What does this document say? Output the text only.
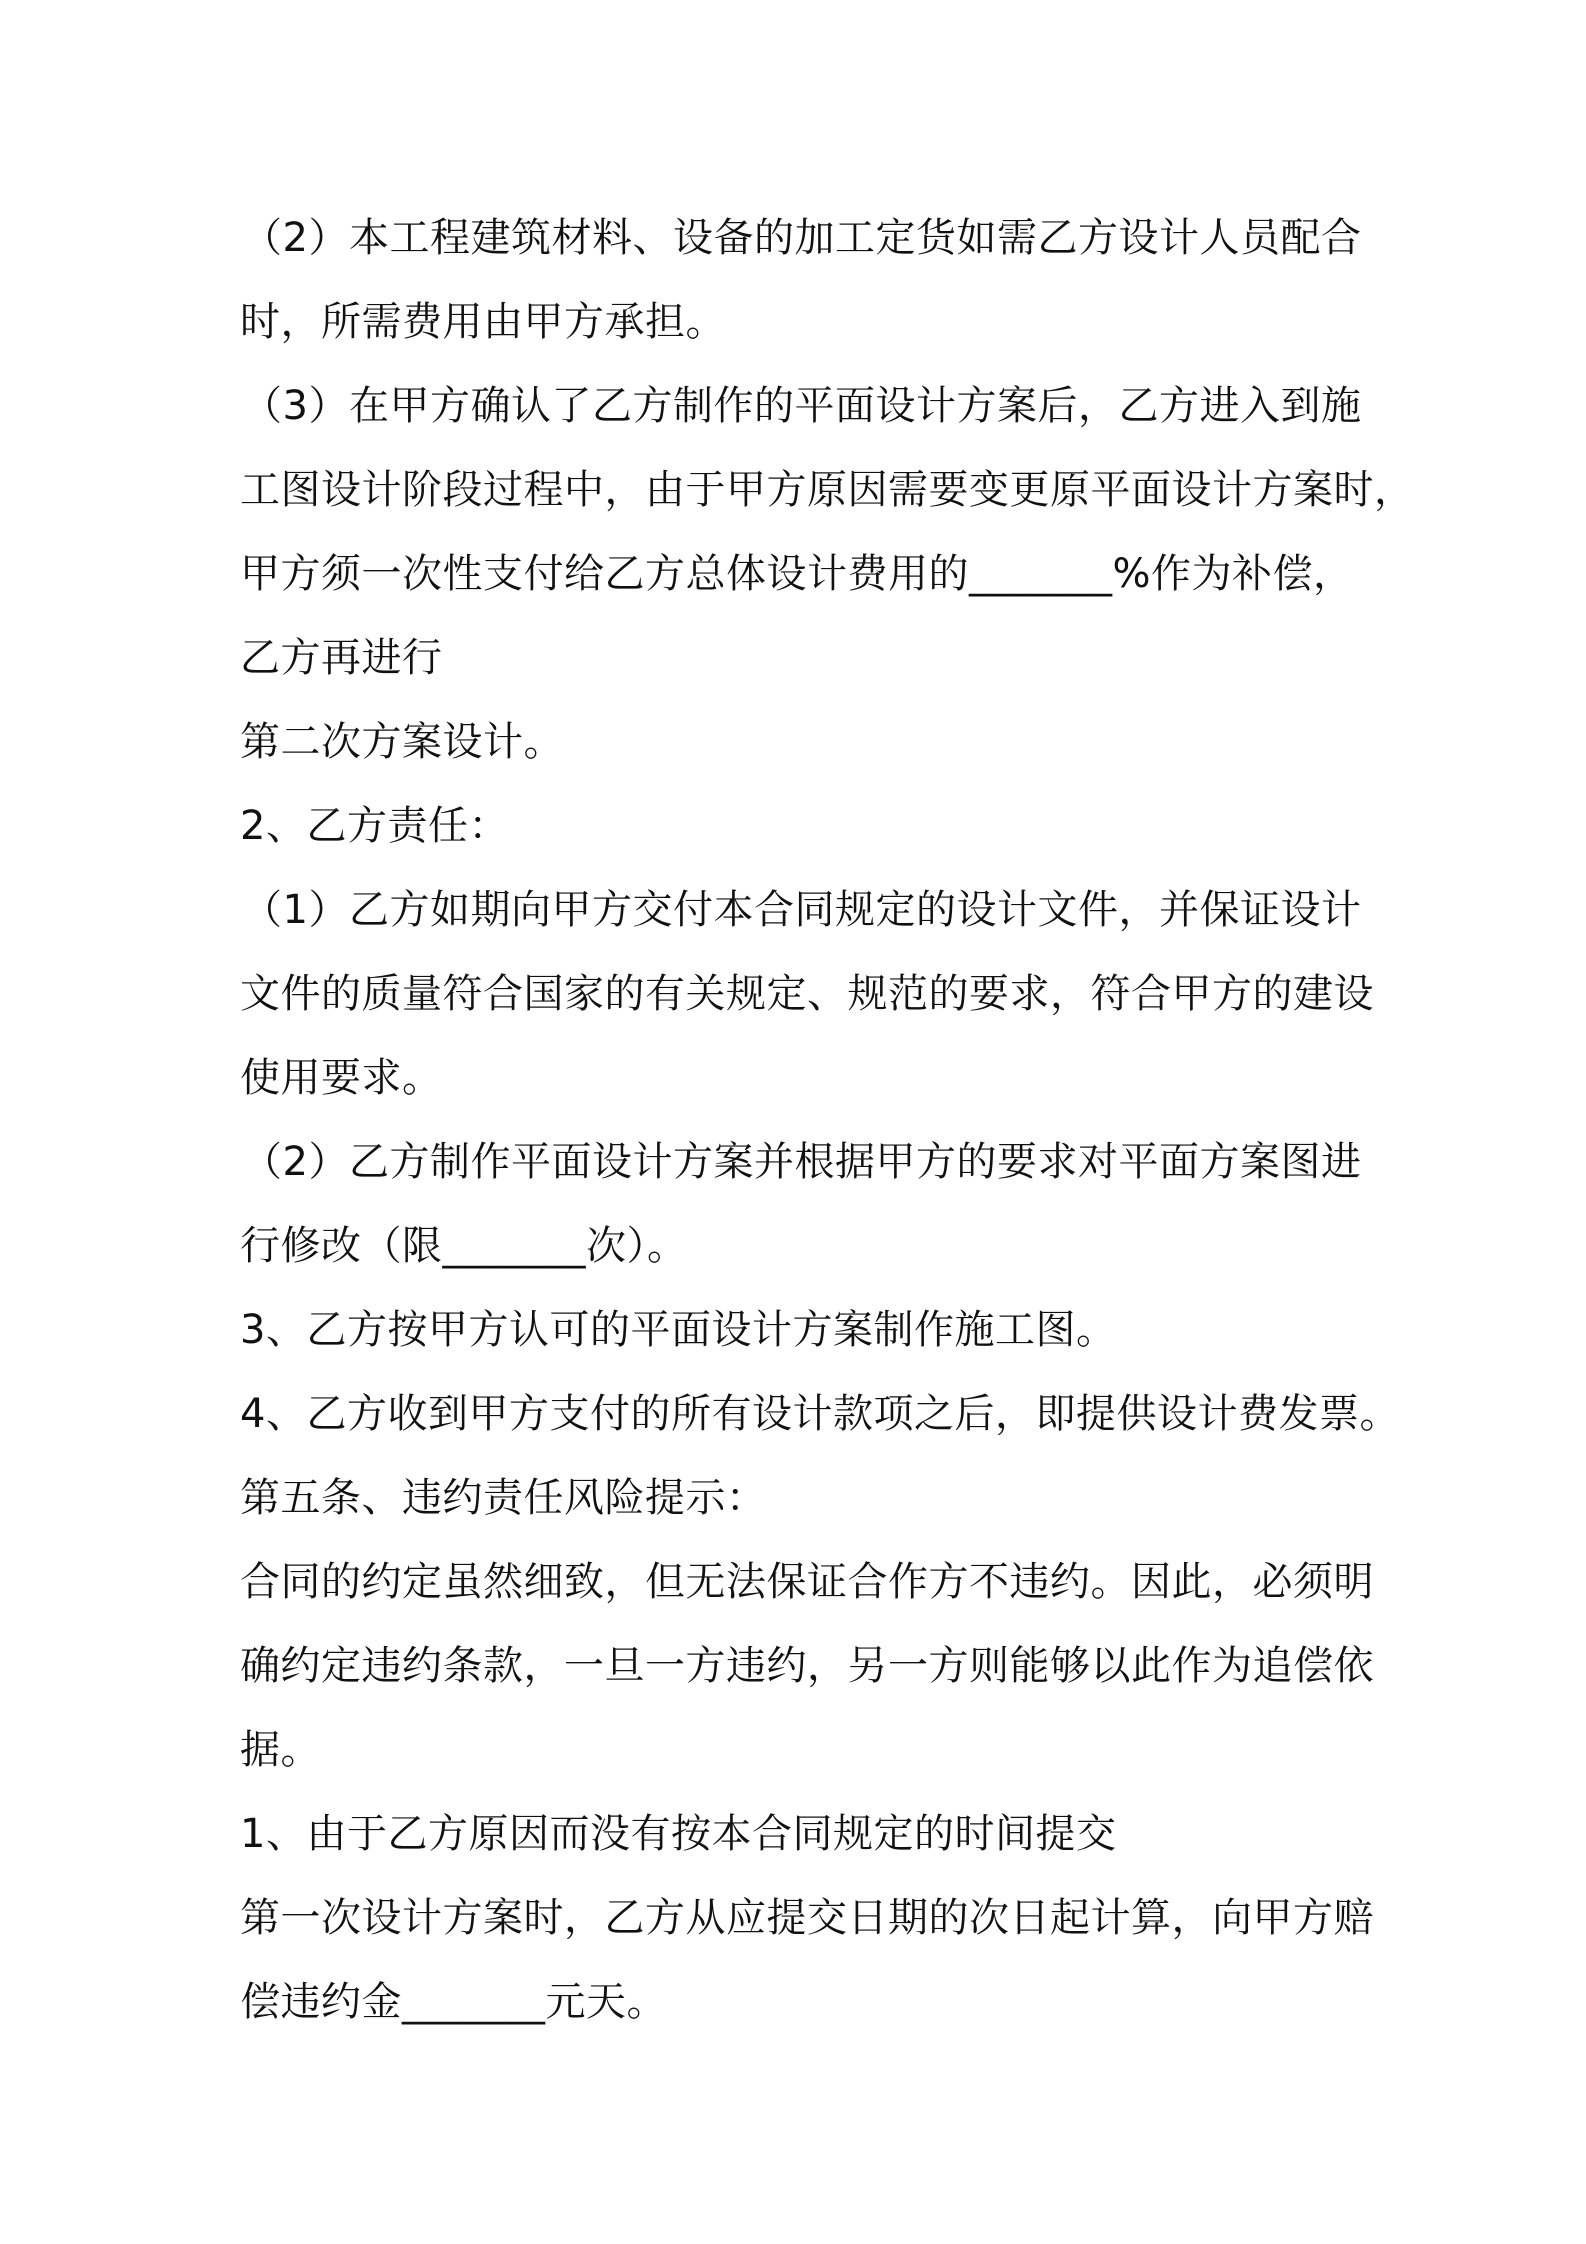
（2）本工程建筑材料、设备的加工定货如需乙方设计人员配合
时，所需费用由甲方承担。
（3）在甲方确认了乙方制作的平面设计方案后，乙方进入到施
工图设计阶段过程中，由于甲方原因需要变更原平面设计方案时，
甲方须一次性支付给乙方总体设计费用的_______%作为补偿，
乙方再进行
第二次方案设计。
2、乙方责任：
（1）乙方如期向甲方交付本合同规定的设计文件，并保证设计
文件的质量符合国家的有关规定、规范的要求，符合甲方的建设
使用要求。
（2）乙方制作平面设计方案并根据甲方的要求对平面方案图进
行修改（限_______次）。
3、乙方按甲方认可的平面设计方案制作施工图。
4、乙方收到甲方支付的所有设计款项之后，即提供设计费发票。
第五条、违约责任风险提示：
合同的约定虽然细致，但无法保证合作方不违约。因此，必须明
确约定违约条款，一旦一方违约，另一方则能够以此作为追偿依
据。
1、由于乙方原因而没有按本合同规定的时间提交
第一次设计方案时，乙方从应提交日期的次日起计算，向甲方赔
偿违约金_______元天。
